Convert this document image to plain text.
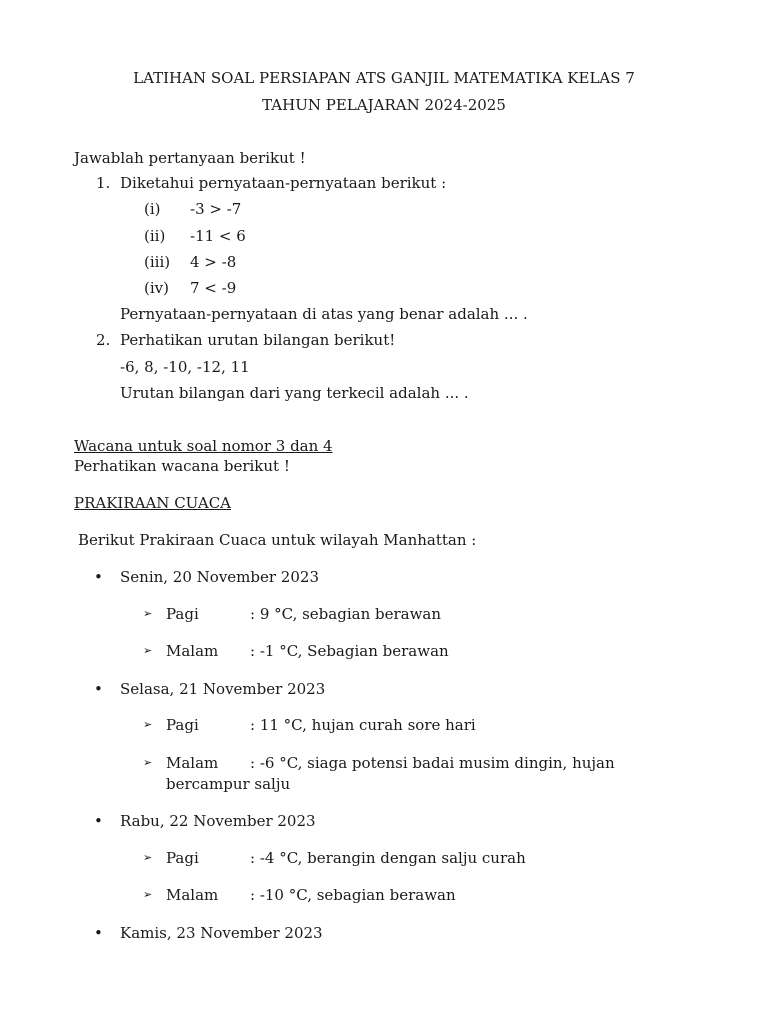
LATIHAN SOAL PERSIAPAN ATS GANJIL MATEMATIKA KELAS 7
TAHUN PELAJARAN 2024-2025
Jawablah pertanyaan berikut !
1. Diketahui pernyataan-pernyataan berikut :
(i) -3 > -7
(ii) -11 < 6
(iii) 4 > -8
(iv) 7 < -9
Pernyataan-pernyataan di atas yang benar adalah ... .
2. Perhatikan urutan bilangan berikut!
-6, 8, -10, -12, 11
Urutan bilangan dari yang terkecil adalah ... .
Wacana untuk soal nomor 3 dan 4
Perhatikan wacana berikut !
PRAKIRAAN CUACA
Berikut Prakiraan Cuaca untuk wilayah Manhattan :
• Senin, 20 November 2023
➢ Pagi	: 9 °C, sebagian berawan
➢ Malam : -1 °C, Sebagian berawan
• Selasa, 21 November 2023
➢ Pagi	: 11 °C, hujan curah sore hari
➢ Malam : -6 °C, siaga potensi badai musim dingin, hujan
bercampur salju
• Rabu, 22 November 2023
➢ Pagi	: -4 °C, berangin dengan salju curah
➢ Malam : -10 °C, sebagian berawan
• Kamis, 23 November 2023
